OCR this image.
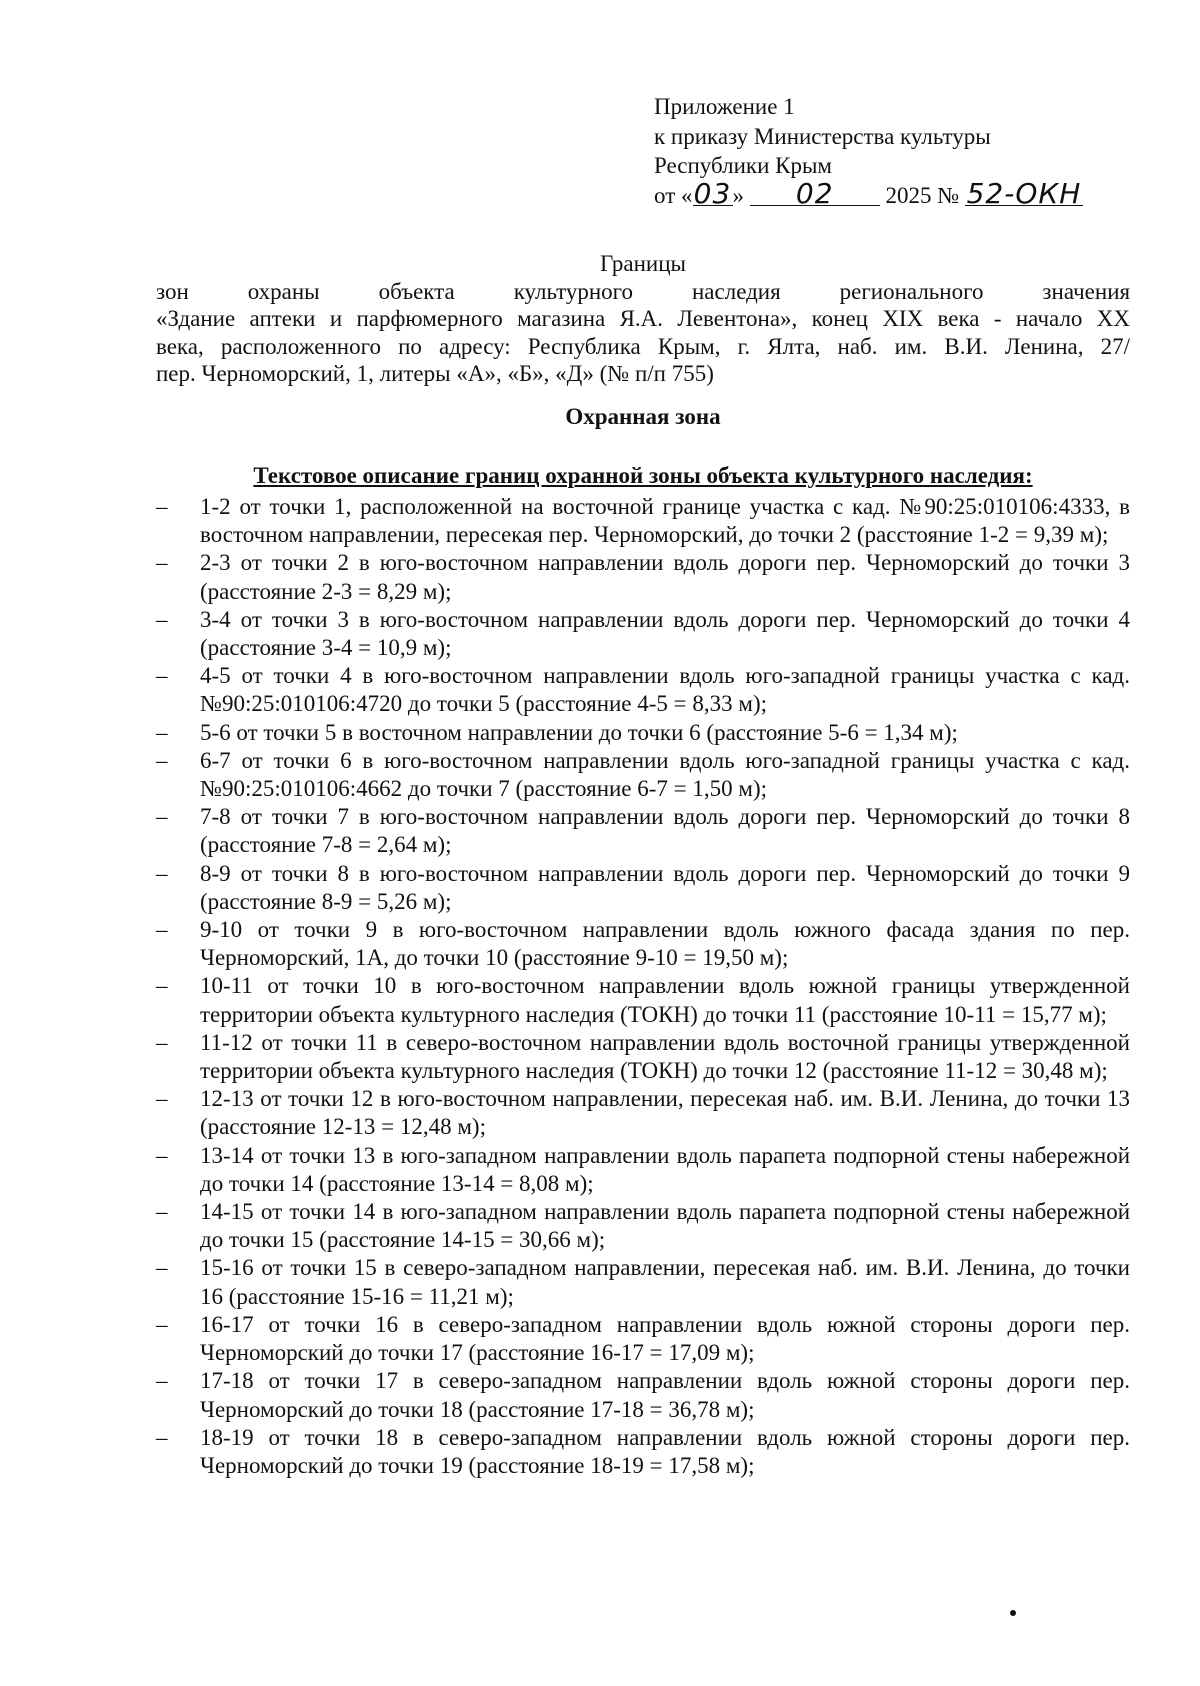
Приложение 1
к приказу Министерства культуры
Республики Крым
от «03» 02 2025 № 52-ОКН
Границы
зон	охраны	объекта	культурного	наследия	регионального	значения
«Здание аптеки и парфюмерного магазина Я.А. Левентона», конец XIX века - начало XX
века, расположенного по адресу: Республика Крым, г. Ялта, наб. им. В.И. Ленина, 27/
пер. Черноморский, 1, литеры «А», «Б», «Д» (№ п/п 755)
Охранная зона
Текстовое описание границ охранной зоны объекта культурного наследия:
– 1-2 от точки 1, расположенной на восточной границе участка с кад. №90:25:010106:4333, в восточном направлении, пересекая пер. Черноморский, до точки 2 (расстояние 1-2 = 9,39 м);
– 2-3 от точки 2 в юго-восточном направлении вдоль дороги пер. Черноморский до точки 3 (расстояние 2-3 = 8,29 м);
– 3-4 от точки 3 в юго-восточном направлении вдоль дороги пер. Черноморский до точки 4 (расстояние 3-4 = 10,9 м);
– 4-5 от точки 4 в юго-восточном направлении вдоль юго-западной границы участка с кад. №90:25:010106:4720 до точки 5 (расстояние 4-5 = 8,33 м);
– 5-6 от точки 5 в восточном направлении до точки 6 (расстояние 5-6 = 1,34 м);
– 6-7 от точки 6 в юго-восточном направлении вдоль юго-западной границы участка с кад. №90:25:010106:4662 до точки 7 (расстояние 6-7 = 1,50 м);
– 7-8 от точки 7 в юго-восточном направлении вдоль дороги пер. Черноморский до точки 8 (расстояние 7-8 = 2,64 м);
– 8-9 от точки 8 в юго-восточном направлении вдоль дороги пер. Черноморский до точки 9 (расстояние 8-9 = 5,26 м);
– 9-10 от точки 9 в юго-восточном направлении вдоль южного фасада здания по пер. Черноморский, 1А, до точки 10 (расстояние 9-10 = 19,50 м);
– 10-11 от точки 10 в юго-восточном направлении вдоль южной границы утвержденной территории объекта культурного наследия (ТОКН) до точки 11 (расстояние 10-11 = 15,77 м);
– 11-12 от точки 11 в северо-восточном направлении вдоль восточной границы утвержденной территории объекта культурного наследия (ТОКН) до точки 12 (расстояние 11-12 = 30,48 м);
– 12-13 от точки 12 в юго-восточном направлении, пересекая наб. им. В.И. Ленина, до точки 13 (расстояние 12-13 = 12,48 м);
– 13-14 от точки 13 в юго-западном направлении вдоль парапета подпорной стены набережной до точки 14 (расстояние 13-14 = 8,08 м);
– 14-15 от точки 14 в юго-западном направлении вдоль парапета подпорной стены набережной до точки 15 (расстояние 14-15 = 30,66 м);
– 15-16 от точки 15 в северо-западном направлении, пересекая наб. им. В.И. Ленина, до точки 16 (расстояние 15-16 = 11,21 м);
– 16-17 от точки 16 в северо-западном направлении вдоль южной стороны дороги пер. Черноморский до точки 17 (расстояние 16-17 = 17,09 м);
– 17-18 от точки 17 в северо-западном направлении вдоль южной стороны дороги пер. Черноморский до точки 18 (расстояние 17-18 = 36,78 м);
– 18-19 от точки 18 в северо-западном направлении вдоль южной стороны дороги пер. Черноморский до точки 19 (расстояние 18-19 = 17,58 м);
